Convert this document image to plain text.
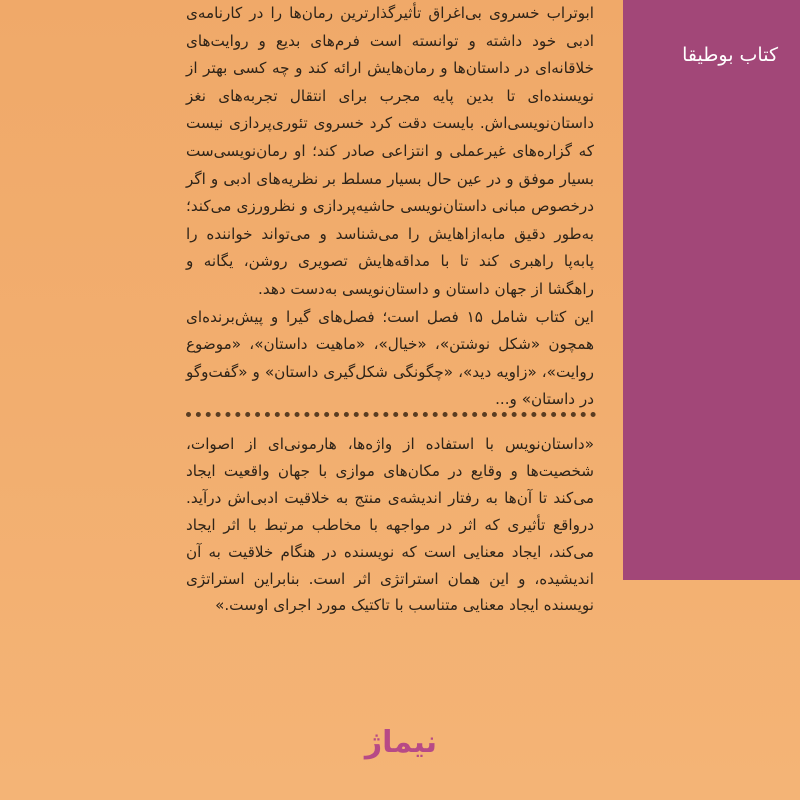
کتاب بوطیقا

ابوتراب خسروی بی‌اغراق تأثیرگذارترین رمان‌ها را در کارنامه‌ی ادبی خود داشته و توانسته است فرم‌های بدیع و روایت‌های خلاقانه‌ای در داستان‌ها و رمان‌هایش ارائه کند و چه کسی بهتر از نویسنده‌ای تا بدین پایه مجرب برای انتقال تجربه‌های نغز داستان‌نویسی‌اش. بایست دقت کرد خسروی تئوری‌پردازی نیست که گزاره‌های غیرعملی و انتزاعی صادر کند؛ او رمان‌نویسی‌ست بسیار موفق و در عین حال بسیار مسلط بر نظریه‌های ادبی و اگر درخصوص مبانی داستان‌نویسی حاشیه‌پردازی و نظرورزی می‌کند؛ به‌طور دقیق مابه‌ازاهایش را می‌شناسد و می‌تواند خواننده را پابه‌پا راهبری کند تا با مداقه‌هایش تصویری روشن، یگانه و راهگشا از جهان داستان و داستان‌نویسی به‌دست دهد.

این کتاب شامل ۱۵ فصل است؛ فصل‌های گیرا و پیش‌برنده‌ای همچون «شکل نوشتن»، «خیال»، «ماهیت داستان»، «موضوع روایت»، «زاویه دید»، «چگونگی شکل‌گیری داستان» و «گفت‌وگو در داستان» و...

«داستان‌نویس با استفاده از واژه‌ها، هارمونی‌ای از اصوات، شخصیت‌ها و وقایع در مکان‌های موازی با جهان واقعیت ایجاد می‌کند تا آن‌ها به رفتار اندیشه‌ی منتج به خلاقیت ادبی‌اش درآید. درواقع تأثیری که اثر در مواجهه با مخاطب مرتبط با اثر ایجاد می‌کند، ایجاد معنایی است که نویسنده در هنگام خلاقیت به آن اندیشیده، و این همان استراتژی اثر است. بنابراین استراتژی نویسنده ایجاد معنایی متناسب با تاکتیک مورد اجرای اوست.»

نیماژ
